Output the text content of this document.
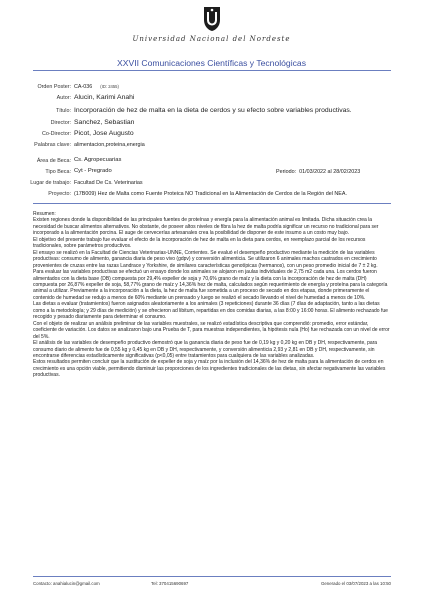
Universidad Nacional del Nordeste
XXVII Comunicaciones Científicas y Tecnológicas
Orden Poster: CA-036 (ID: 2455)
Autor: Alucin, Karimi Anahi
Título: Incorporación de hez de malta en la dieta de cerdos y su efecto sobre variables productivas.
Director: Sanchez, Sebastian
Co-Director: Picot, Jose Augusto
Palabras clave: alimentacion,proteina,energia
Área de Beca: Cs. Agropecuarias
Tipo Beca: Cyt - Pregrado	Periodo: 01/03/2022 al 28/02/2023
Lugar de trabajo: Facultad De Cs. Veterinarias
Proyecto: (17B009) Hez de Malta como Fuente Proteica NO Tradicional en la Alimentación de Cerdos de la Región del NEA.

Resumen:

Existen regiones donde la disponibilidad de las principales fuentes de proteínas y energía para la alimentación animal es limitada. Dicha situación crea la necesidad de buscar alimentos alternativos. No obstante, de poseer altos niveles de fibra la hez de malta podría significar un recurso no tradicional para ser incorporado a la alimentación porcina. El auge de cervecerías artesanales crea la posibilidad de disponer de este insumo a un costo muy bajo.

El objetivo del presente trabajo fue evaluar el efecto de la incorporación de hez de malta en la dieta para cerdos, en reemplazo parcial de los recursos tradicionales, sobre parámetros productivos.

El ensayo se realizó en la Facultad de Ciencias Veterinarias-UNNE, Corrientes. Se evaluó el desempeño productivo mediante la medición de las variables productivas: consumo de alimento, ganancia diaria de peso vivo (gdpv) y conversión alimenticia. Se utilizaron 6 animales machos castrados en crecimiento provenientes de cruzas entre las razas Landrace y Yorkshire, de similares características genotípicas (hermanos), con un peso promedio inicial de 7 ± 2 kg.

Para evaluar las variables productivas se efectuó un ensayo donde los animales se alojaron en jaulas individuales de 2,75 m2 cada una. Los cerdos fueron alimentados con la dieta base (DB) compuesta por 29,4% expeller de soja y 70,6% grano de maíz y la dieta con la incorporación de hez de malta (DH) compuesta por 26,87% expeller de soja, 58,77% grano de maíz y 14,36% hez de malta, calculados según requerimiento de energía y proteína para la categoría animal a utilizar. Previamente a la incorporación a la dieta, la hez de malta fue sometida a un proceso de secado en dos etapas, donde primeramente el contenido de humedad se redujo a menos de 60% mediante un prensado y luego se realizó el secado llevando el nivel de humedad a menos de 10%.

Las dietas a evaluar (tratamientos) fueron asignados aleatoriamente a los animales (3 repeticiones) durante 36 días (7 días de adaptación, tanto a las dietas como a la metodología; y 29 días de medición) y se ofrecieron ad libitum, repartidas en dos comidas diarias, a las 8:00 y 16:00 horas. El alimento rechazado fue recogido y pesado diariamente para determinar el consumo.

Con el objeto de realizar un análisis preliminar de las variables muestrales, se realizó estadística descriptiva que comprendió: promedio, error estándar, coeficiente de variación. Los datos se analizaron bajo una Prueba de T, para muestras independientes, la hipótesis nula (Ho) fue rechazada con un nivel de error del 5%.

El análisis de las variables de desempeño productivo demostró que la ganancia diaria de peso fue de 0,19 kg y 0,20 kg en DB y DH, respectivamente, para consumo diario de alimento fue de 0,55 kg y 0,45 kg en DB y DH, respectivamente, y conversión alimenticia 2,93 y 2,81 en DB y DH, respectivamente, sin encontrarse diferencias estadísticamente significativas (p<0,05) entre tratamientos para cualquiera de las variables analizadas.

Estos resultados permiten concluir que la sustitución de expeller de soja y maíz por la inclusión del 14,36% de hez de malta para la alimentación de cerdos en crecimiento es una opción viable, permitiendo disminuir las proporciones de los ingredientes tradicionales de las dietas, sin afectar negativamente las variables productivas.

Contacto: anahialucin@gmail.com	Tel: 3704156906​97	Generado el 03/07/2023 a las 10:50
